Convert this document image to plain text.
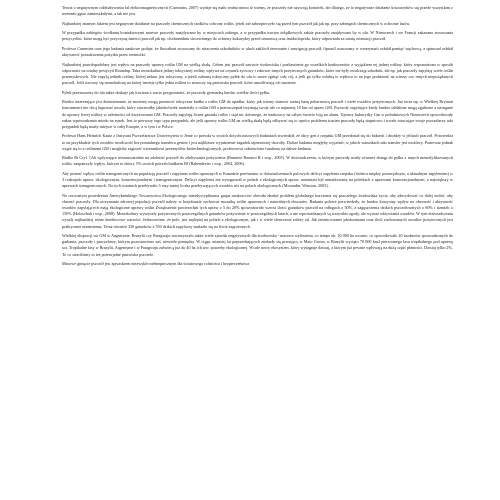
Teoria o negatywnym oddziaływaniu fal elektromagnetycznych (Cummins, 2007) wydaje się mało realna mimo iż wiemy, że pszczoły nie używają komórek, ale dlatego, że to negatywnie działanie koszarzybów się przede wszystkim z terenami gęsto zamieszkałymi, a tak nie jest.

Najbardziej znanym faktem jest negatywne działanie na pszczoły chemicznych środków ochrony roślin, jeżeli nie zabezpieczyło się przed tym pszczół jak jak np. przy zabiegach chemicznych w ochronie lasów.

W przypadku zabiegów środkami kontaktowymi martwe pszczoły znajdywano by w miejscach zabiegu, a w przypadku trucizn żołądkowych zabite pszczoły znajdywano by w ulu. W Niemczech i we Francji zakazano stosowania pestycydów, które mogą być przyczyną śmierci pszczół jak np. clothianidinu stosowanego do ochrony kukurydzy przed omacnicą oraz imidaclopridu, który odpowiada za utratę orientacji pszczół.

Profesor Cummins oraz jego badania naukowe podaje, że fluwalinat stosowany do niszczenia szkodników w ulach zaklócił żerowanie i nawigację pszczół, fipronil stosowany w weterynarii osłabił pamięć węchową, a spinosad osłabił aktywność poszukiwania pożytku przez rzemiotki.

Najbardziej prawdopodobny jest wpływ na pszczoły uprawy roślin GM na wielką skalę. Celem jest pszczół zatrucie środowiska i pozbawienie go wszelkich konkurentów z wyjątkiem tej jednej rośliny, który wspomożono w sposób odporności na totalny pestycyd Roundup. Taka monokultura jednej toksycznej rośliny wpływa na czynnik życiowy i zdrowie innych pożytecznych gatunków, które nie były zwalczają szkodnik, ale np. jak pszczoły zapylają wiele roślin przemysłowych. Nie zapylą jednak rośliny, której nektar jest toksyczny, a jeżeli zabraną toksyczny pyłek do ulu to może zginąć cały rój, a jeśli go tylko osłabią to wpływa to na jego podatność na wirusy czy innych niepożądanych pszczół. Jeśli stworzy się monokulturę na której istnieje tylko jedna roślina to zniszczy się pastwiska pszczół, które umożliwiają ich istnienie.

Pyłek przenoszony do ula także drukuje jak trucizna a warto przypomnieć, że pszczoły gromadzą bardzo wielkie ilości pyłku.

Bardzo interesujące jest domniemanie, że możemy mogą przenosić toksyczne białka z roślin GM do upadku, który jak wiemy stanowi ważną bazę pokarmową pszczół i wiele owadów pożytecznych. Już teraz np. w Wielkiej Brytanii konsumenci nie chcą kupować miodu, który zawierałby jakiekolwiek materiały z roślin GM a przeszczepiał trzymają swoje ule co najmniej 10 km od upraw GM. Pszczoły zapylające kiedy bardzo oddalone mogą zgubione a następnie do uprawy lewej rośliny w zależności od krzyżowania GM. Pszczoły zapylają liczne gatunki roślin i stąd nic dziwnego, że naukowcy na całym świecie biją na alarm. Uprawy kukurydzy Gm w południowych Niemczech spowodowały zakaz wprowadzania miodu na rynek. Jest to pierwszy tego typu przypadek, ale jeśli uprawy roślin GM na wielką skalę będą odbywać się to oprócz problemu trucizn pszczoły będą stopniowo i trwale utracające swoje pszczelarzy taki przypadek będą miały miejsce w całej Europie, a w tym i w Polsce.

Profesor Hans Heinrich Kaatz z Instytutu Pszczelarstwa Uniwersytetu w Jenie co prawda w swoich dotychczasowych badaniach stwierdził, że obcy gen z rzepaku GM przedostał się do bakterii i drożdży w jelitach pszczół. Potwierdza to na przykładzie tych owadów możliwość horyzontalnego transferu genów i jest najbliższe wyjaśnienie zagadek tajemniczej choroby. Dalsze badania mogłyby wyjaśnić, w jakich warunkach taki transfer jest możliwy. Ponieważ jednak wiąże się to z roślinami GM i mogłoby zagrozić wizerunkowi przemysłów biotechnologicznych, profesorowi odmówiono funduszy na dalsze badania.

Białko Bt Cry1 1Ab wpływające niezauważalnie na zdolność pszczół do zdobywania pożywienia (Ramirez Romero R i wsp., 2005). W doświadczeniu, w którym pszczoły miały również dostęp do pyłku z innych nienodyfikowanych roślin, zaopatrzyły wpływ, którym to zbiory 5% swoich potrzeb białkiem BI (Babendreier i wsp., 2004, 2006).

Aby poznać wpływ roślin transgenicznych na populację pszczół i zapylanie roślin uprawnych w Kanadzie porównano w doświadczeniach polowych deficyt zapylenia rzepaku (różnica między potencjalnym, a aktualnym zapyleniem) w 3 rodzajach upraw: ekologicznym, konwencjonalnym i transgenicznym. Deficyt zapylenia nie występował w polach z ekologicznych upraw, natomiast był umiarkowany na poletkach z uprawami konwencjonalnymi, a największy w uprawach transgenicznych. Na tych ostatnich przebywało 3 razy mniej liczba przebywających owadów niż na polach ekologicznych (Morandin, Winston, 2005).

Na corocznym posiedzeniu Amerykańskiego Towarzystwa Ekologicznego interdyscyplinarna grupa naukowców obecała zbadać problem globalnego kurczenia się pszczelego środowiska życia, aby zdecydować co dalej zrobić, aby chronić pszczoły. Dla utrzymania zdrowej populacji pszczół należy w krajobrazie zachować mozaikę roślin uprawnych i naturalnych obszarów. Badania polowe potwierdziły, że bardzo korzystny wpływ na obecność i aktywność owadów zapylających mają ekologiczne uprawy roślin Zwiększenie powierzchni tych upraw z 5 do 20% spowodowało wzrost ilości gatunków pszczół na odłogach o 50%, a zagęszczenia dzikich pszczołowatych o 60% i trzmieli o 150% (Holzschuh i wsp., 2008). Monokultury wyszyszły pożytecznych poszczególnych gatunków pożywienia w poszczególnych latach, a nie wprowadzanych są wszystkie zgody, ale wyższe odżywiania owadów. W tym doświadczeniu wyszły najbardziej różne dzielnicowe wartości. Jednocześnie, że pole, jest najlepiej na polach z ekologicznym, jak i w wiele słonecznie zależy od. Jak zróżnicowanie płodozmianu oraz ilość zachowanych owadów pożytecznych jest praktycznie niezmienna. Teraz również 330 gatunków z 550 dzikich zapylaczy znalazło się na liście zagrożonych.

Wielkiej eksporcji soi GM w Argentynie, Brazylii czy Paragwaju towarzyszyło także wiele zjawisk negatywnych dla środowiska - masowe wylesienia, co tempo ok. 10 000 ha rocznie, co spowodowało 20 studentów sprowadzonych do garbania, pszczoły i pszczelarzy, którym pozostawiono zaś, niewiele pieniędzy. W ciągu ostatniej lat poprzedzających znalazły się pracujący w Mato Grosso w Brazylii wycięto 70 000 km2 pierwotnego lasu tropikalnego pod uprawę soi. Tropikalne lasy w Brazylii, Argentynie i w Paragwaju zaświecą już do 40 lat ich tzw. potrzeby ekologicznej. Wcale nowy ekosystem, który występuje dzisiaj, z którym już pewnie wpływają na dużą część płatności. Dzisiaj tylko 2%. To co straciliśmy to też potencjalne pastwiska pszczele.

Masowe ginięcie pszczół jest zjawiskiem niezwykle niebezpiecznym dla światowego rolnictwa i bezpieczeństwa
